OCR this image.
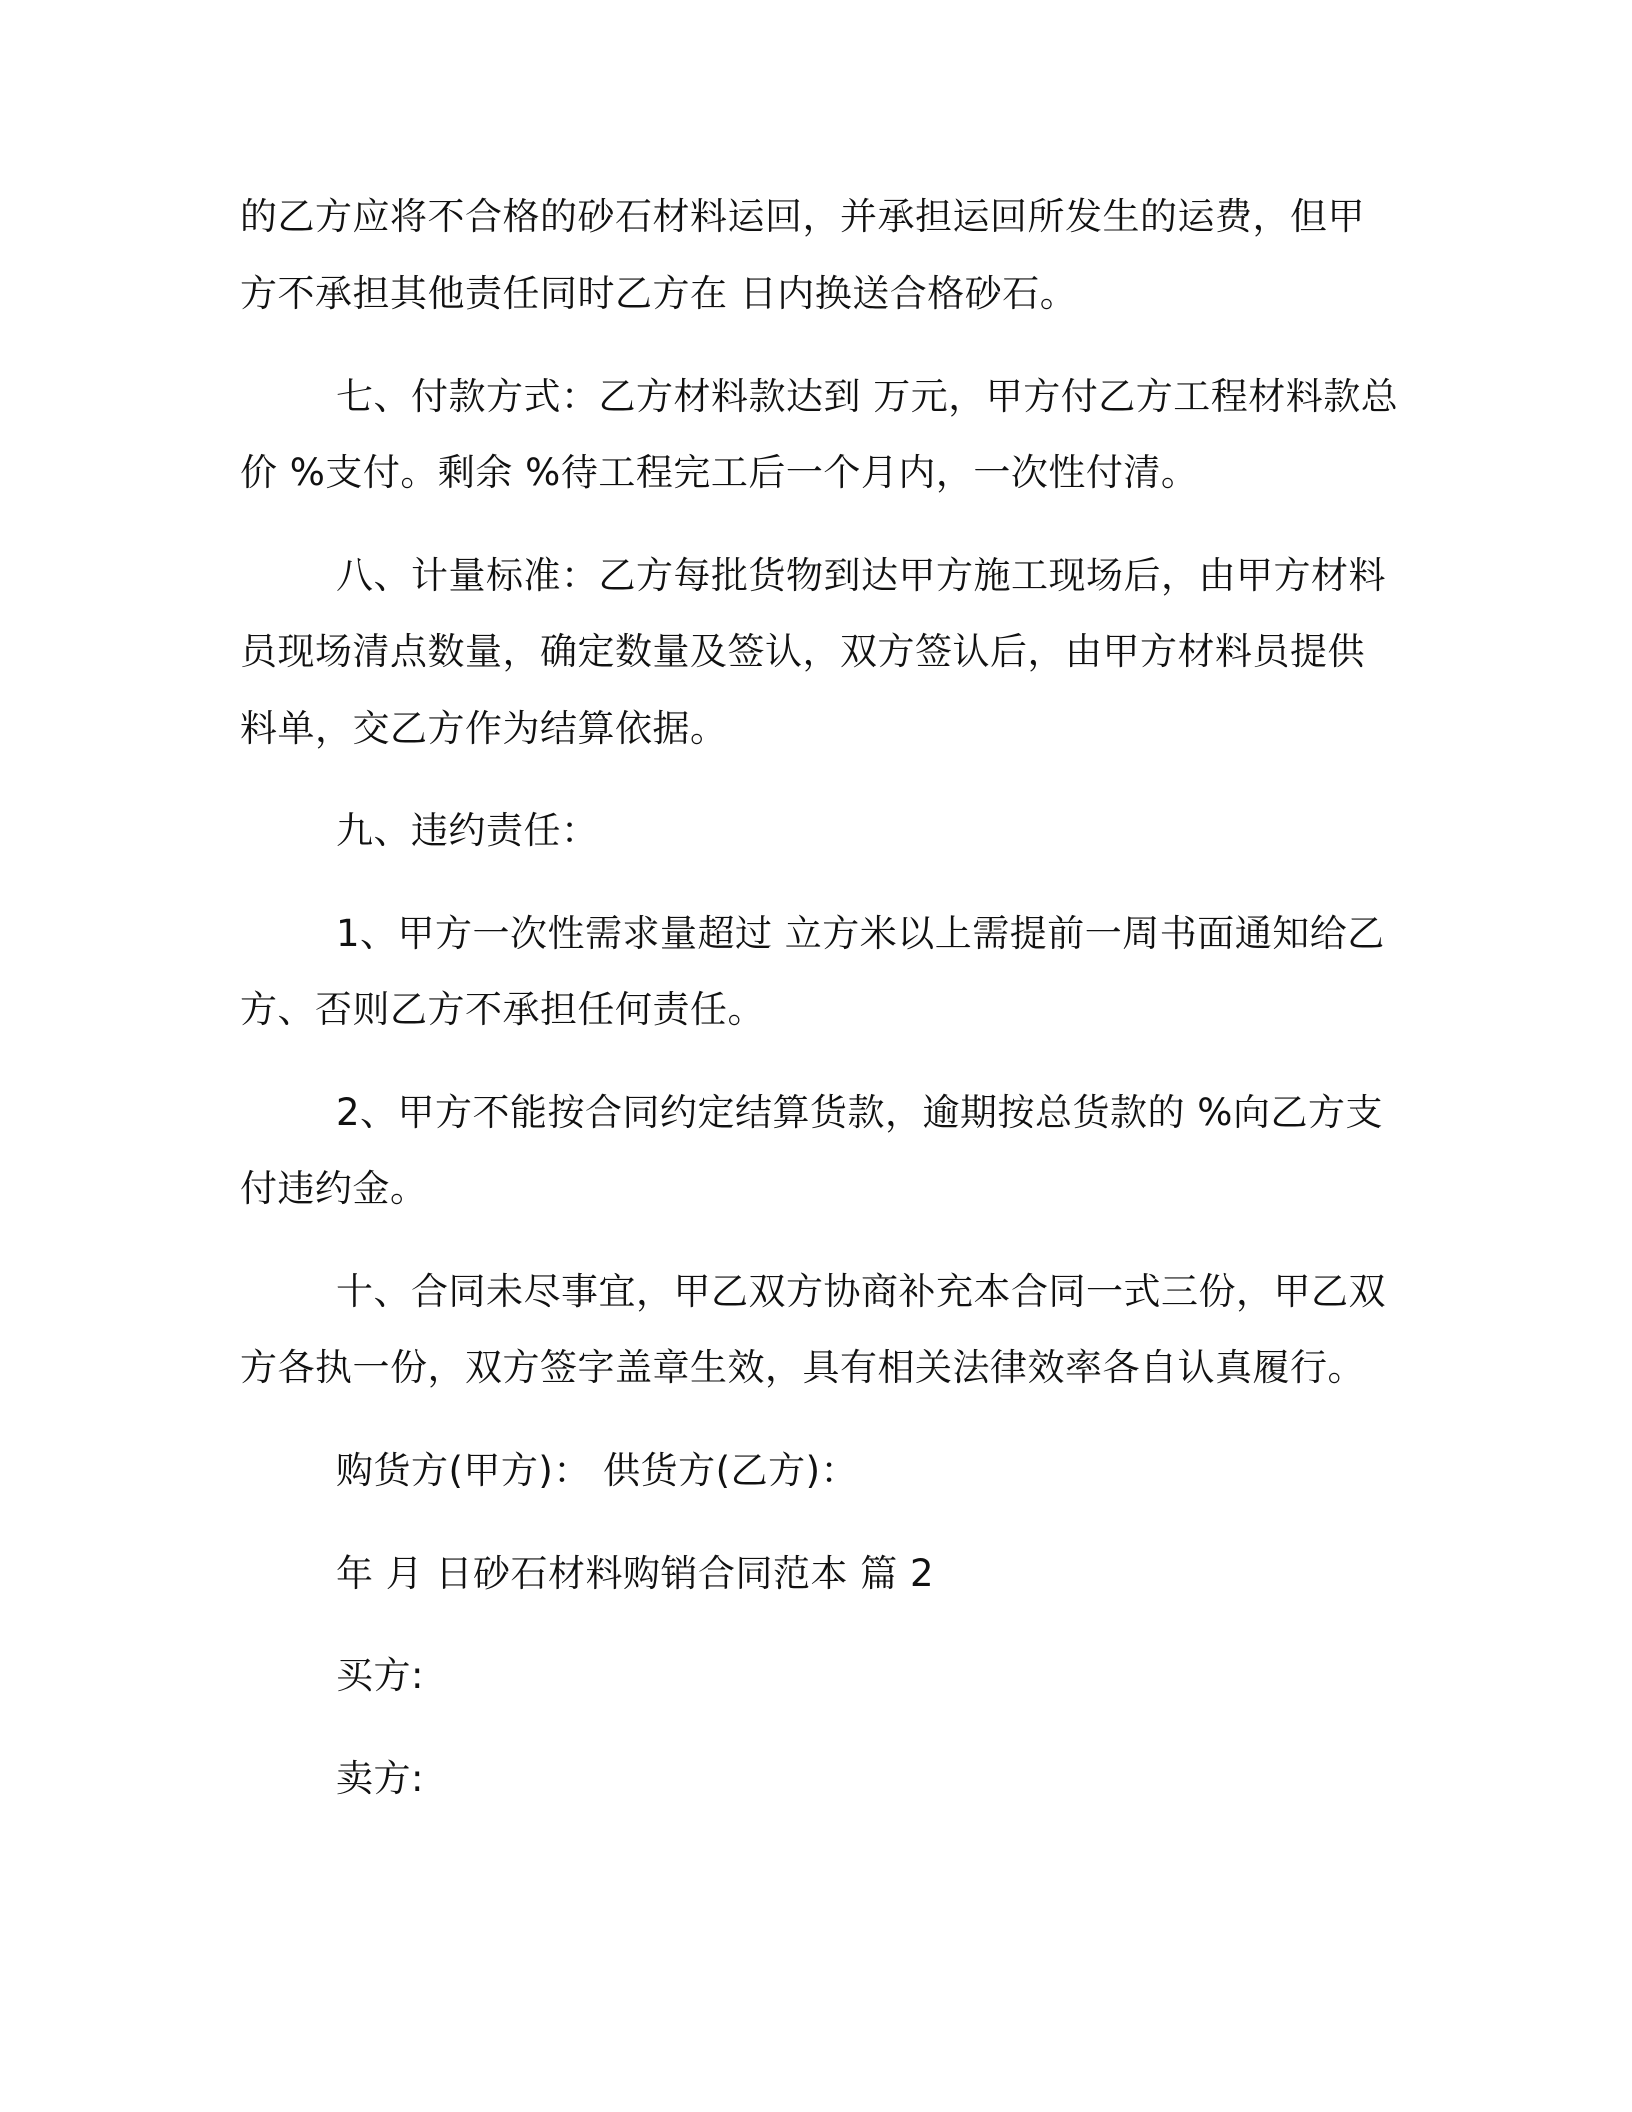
的乙方应将不合格的砂石材料运回，并承担运回所发生的运费，但甲
方不承担其他责任同时乙方在 日内换送合格砂石。
七、付款方式：乙方材料款达到 万元，甲方付乙方工程材料款总
价 %支付。剩余 %待工程完工后一个月内，一次性付清。
八、计量标准：乙方每批货物到达甲方施工现场后，由甲方材料
员现场清点数量，确定数量及签认，双方签认后，由甲方材料员提供
料单，交乙方作为结算依据。
九、违约责任：
1、甲方一次性需求量超过 立方米以上需提前一周书面通知给乙
方、否则乙方不承担任何责任。
2、甲方不能按合同约定结算货款，逾期按总货款的 %向乙方支
付违约金。
十、合同未尽事宜，甲乙双方协商补充本合同一式三份，甲乙双
方各执一份，双方签字盖章生效，具有相关法律效率各自认真履行。
购货方(甲方)： 供货方(乙方)：
年 月 日砂石材料购销合同范本 篇 2
买方:
卖方:
